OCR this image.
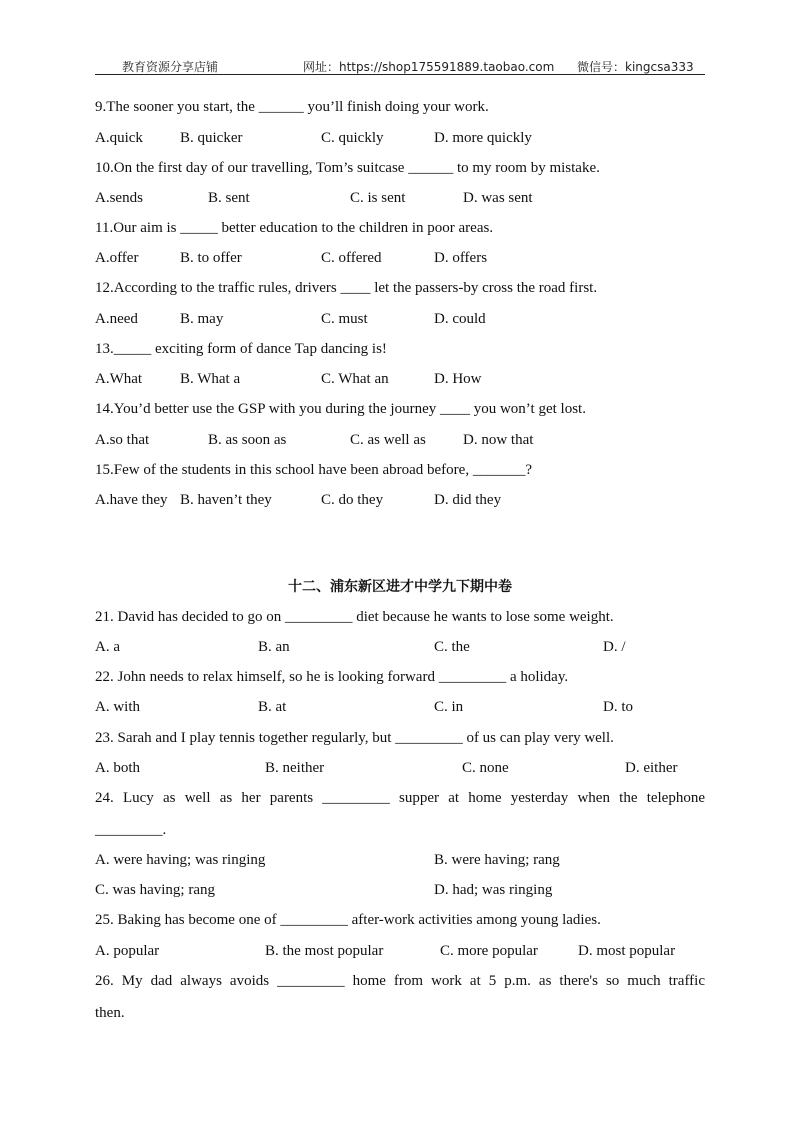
教育资源分享店铺	网址：https://shop175591889.taobao.com 微信号：kingcsa333
9.The sooner you start, the ______ you’ll finish doing your work.
A.quick B. quicker	C. quickly	D. more quickly
10.On the first day of our travelling, Tom’s suitcase ______ to my room by mistake.
A.sends	B. sent	C. is sent	D. was sent
11.Our aim is _____ better education to the children in poor areas.
A.offer	B. to offer	C. offered	D. offers
12.According to the traffic rules, drivers ____ let the passers-by cross the road first.
A.need	B. may	C. must	D. could
13._____ exciting form of dance Tap dancing is!
A.What	B. What a	C. What an	D. How
14.You’d better use the GSP with you during the journey ____ you won’t get lost.
A.so that	B. as soon as	C. as well as D. now that
15.Few of the students in this school have been abroad before, _______?
A.have they B. haven’t they	C. do they	D. did they
十二、浦东新区进才中学九下期中卷
21. David has decided to go on _________ diet because he wants to lose some weight.
A. a	B. an	C. the	D. /
22. John needs to relax himself, so he is looking forward _________ a holiday.
A. with	B. at	C. in	D. to
23. Sarah and I play tennis together regularly, but _________ of us can play very well.
A. both	B. neither	C. none	D. either
24. Lucy as well as her parents _________ supper at home yesterday when the telephone
_________.
A. were having; was ringing	B. were having; rang
C. was having; rang	D. had; was ringing
25. Baking has become one of _________ after-work activities among young ladies.
A. popular	B. the most popular	C. more popular	D. most popular
26. My dad always avoids _________ home from work at 5 p.m. as there's so much traffic
then.
